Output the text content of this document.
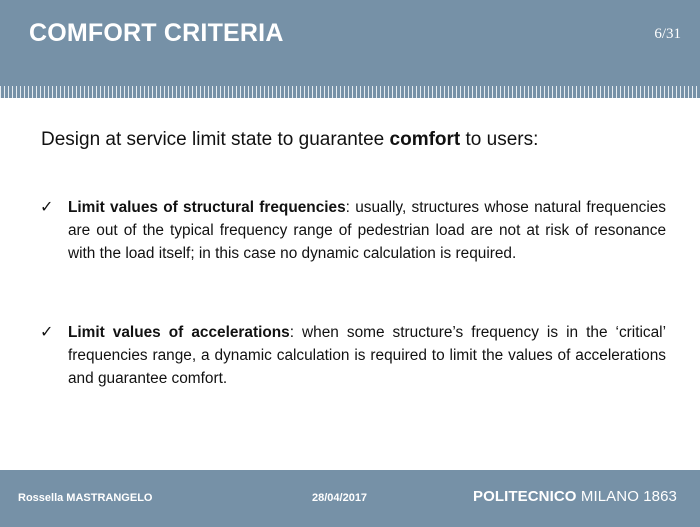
COMFORT CRITERIA	6/31
Design at service limit state to guarantee comfort to users:
✓ Limit values of structural frequencies: usually, structures whose natural frequencies are out of the typical frequency range of pedestrian load are not at risk of resonance with the load itself; in this case no dynamic calculation is required.
✓ Limit values of accelerations: when some structure’s frequency is in the ‘critical’ frequencies range, a dynamic calculation is required to limit the values of accelerations and guarantee comfort.
Rossella MASTRANGELO	28/04/2017	POLITECNICO MILANO 1863
